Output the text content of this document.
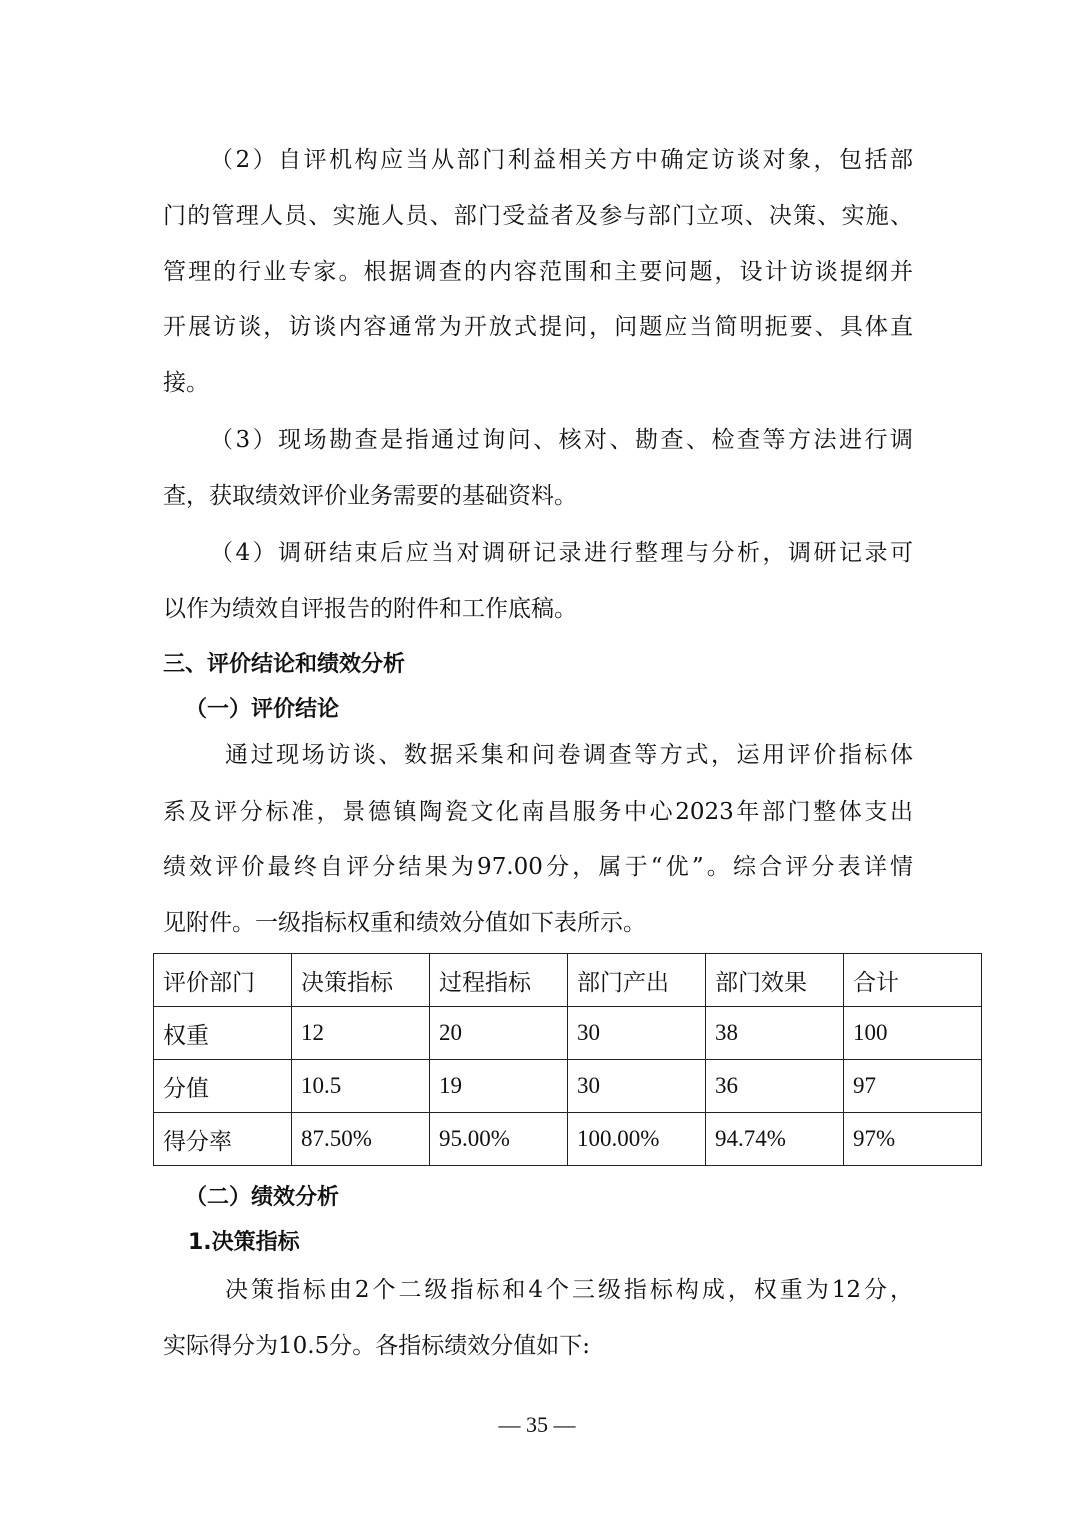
（2）自评机构应当从部门利益相关方中确定访谈对象，包括部
门的管理人员、实施人员、部门受益者及参与部门立项、决策、实施、
管理的行业专家。根据调查的内容范围和主要问题，设计访谈提纲并
开展访谈，访谈内容通常为开放式提问，问题应当简明扼要、具体直
接。
（3）现场勘查是指通过询问、核对、勘查、检查等方法进行调
查，获取绩效评价业务需要的基础资料。
（4）调研结束后应当对调研记录进行整理与分析，调研记录可
以作为绩效自评报告的附件和工作底稿。
三、评价结论和绩效分析
（一）评价结论
通过现场访谈、数据采集和问卷调查等方式，运用评价指标体
系及评分标准，景德镇陶瓷文化南昌服务中心2023年部门整体支出
绩效评价最终自评分结果为97.00分，属于“优”。综合评分表详情
见附件。一级指标权重和绩效分值如下表所示。
评价部门	决策指标	过程指标	部门产出	部门效果	合计
权重	12	20	30	38	100
分值	10.5	19	30	36	97
得分率	87.50%	95.00%	100.00%	94.74%	97%
（二）绩效分析
1.决策指标
决策指标由2个二级指标和4个三级指标构成，权重为12分，
实际得分为10.5分。各指标绩效分值如下:
— 35 —
